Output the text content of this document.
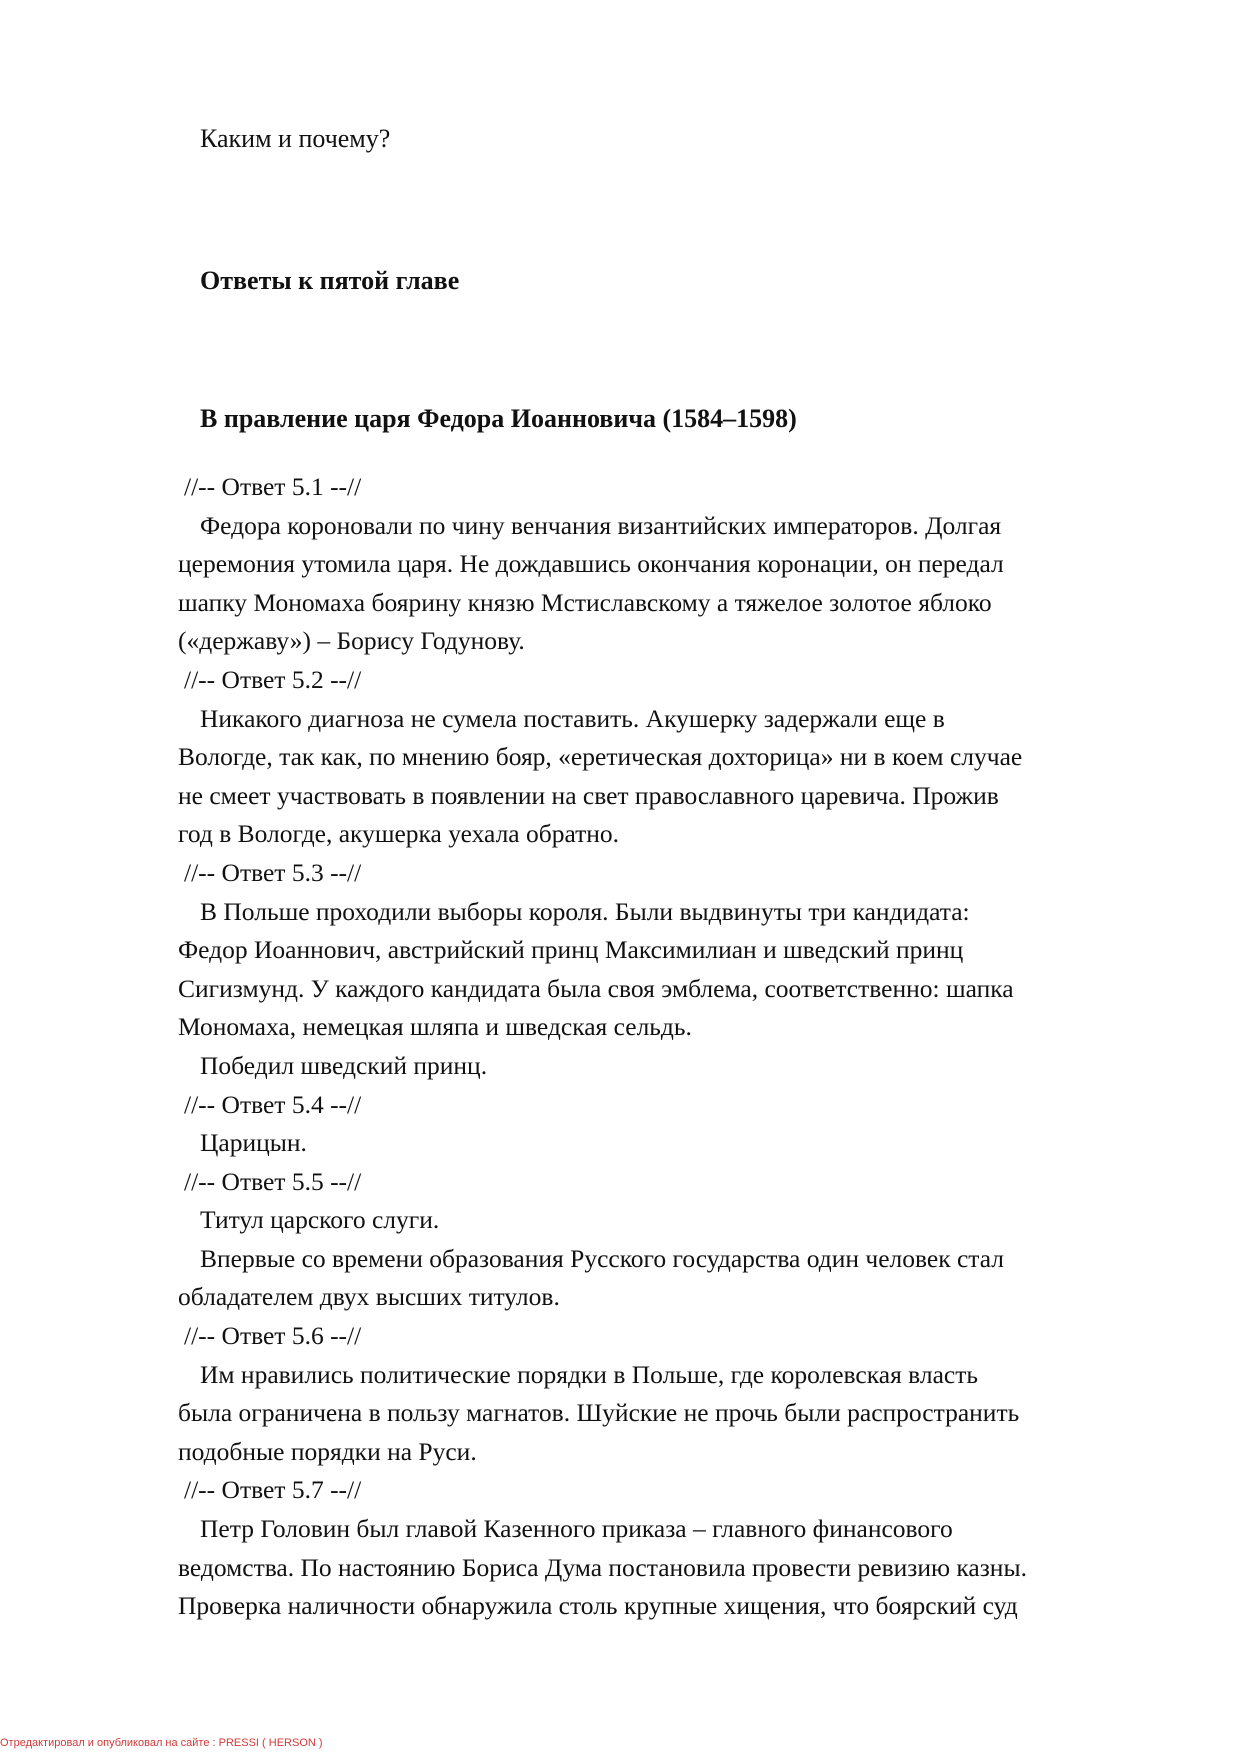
Каким и почему?

Ответы к пятой главе

В правление царя Федора Иоанновича (1584–1598)

//-- Ответ 5.1 --//

Федора короновали по чину венчания византийских императоров. Долгая

церемония утомила царя. Не дождавшись окончания коронации, он передал

шапку Мономаха боярину князю Мстиславскому а тяжелое золотое яблоко

(«державу») – Борису Годунову.

//-- Ответ 5.2 --//

Никакого диагноза не сумела поставить. Акушерку задержали еще в

Вологде, так как, по мнению бояр, «еретическая дохторица» ни в коем случае

не смеет участвовать в появлении на свет православного царевича. Прожив

год в Вологде, акушерка уехала обратно.

//-- Ответ 5.3 --//

В Польше проходили выборы короля. Были выдвинуты три кандидата:

Федор Иоаннович, австрийский принц Максимилиан и шведский принц

Сигизмунд. У каждого кандидата была своя эмблема, соответственно: шапка

Мономаха, немецкая шляпа и шведская сельдь.

Победил шведский принц.

//-- Ответ 5.4 --//

Царицын.

//-- Ответ 5.5 --//

Титул царского слуги.

Впервые со времени образования Русского государства один человек стал

обладателем двух высших титулов.

//-- Ответ 5.6 --//

Им нравились политические порядки в Польше, где королевская власть

была ограничена в пользу магнатов. Шуйские не прочь были распространить

подобные порядки на Руси.

//-- Ответ 5.7 --//

Петр Головин был главой Казенного приказа – главного финансового

ведомства. По настоянию Бориса Дума постановила провести ревизию казны.

Проверка наличности обнаружила столь крупные хищения, что боярский суд

Отредактировал и опубликовал на сайте : PRESSI ( HERSON )
